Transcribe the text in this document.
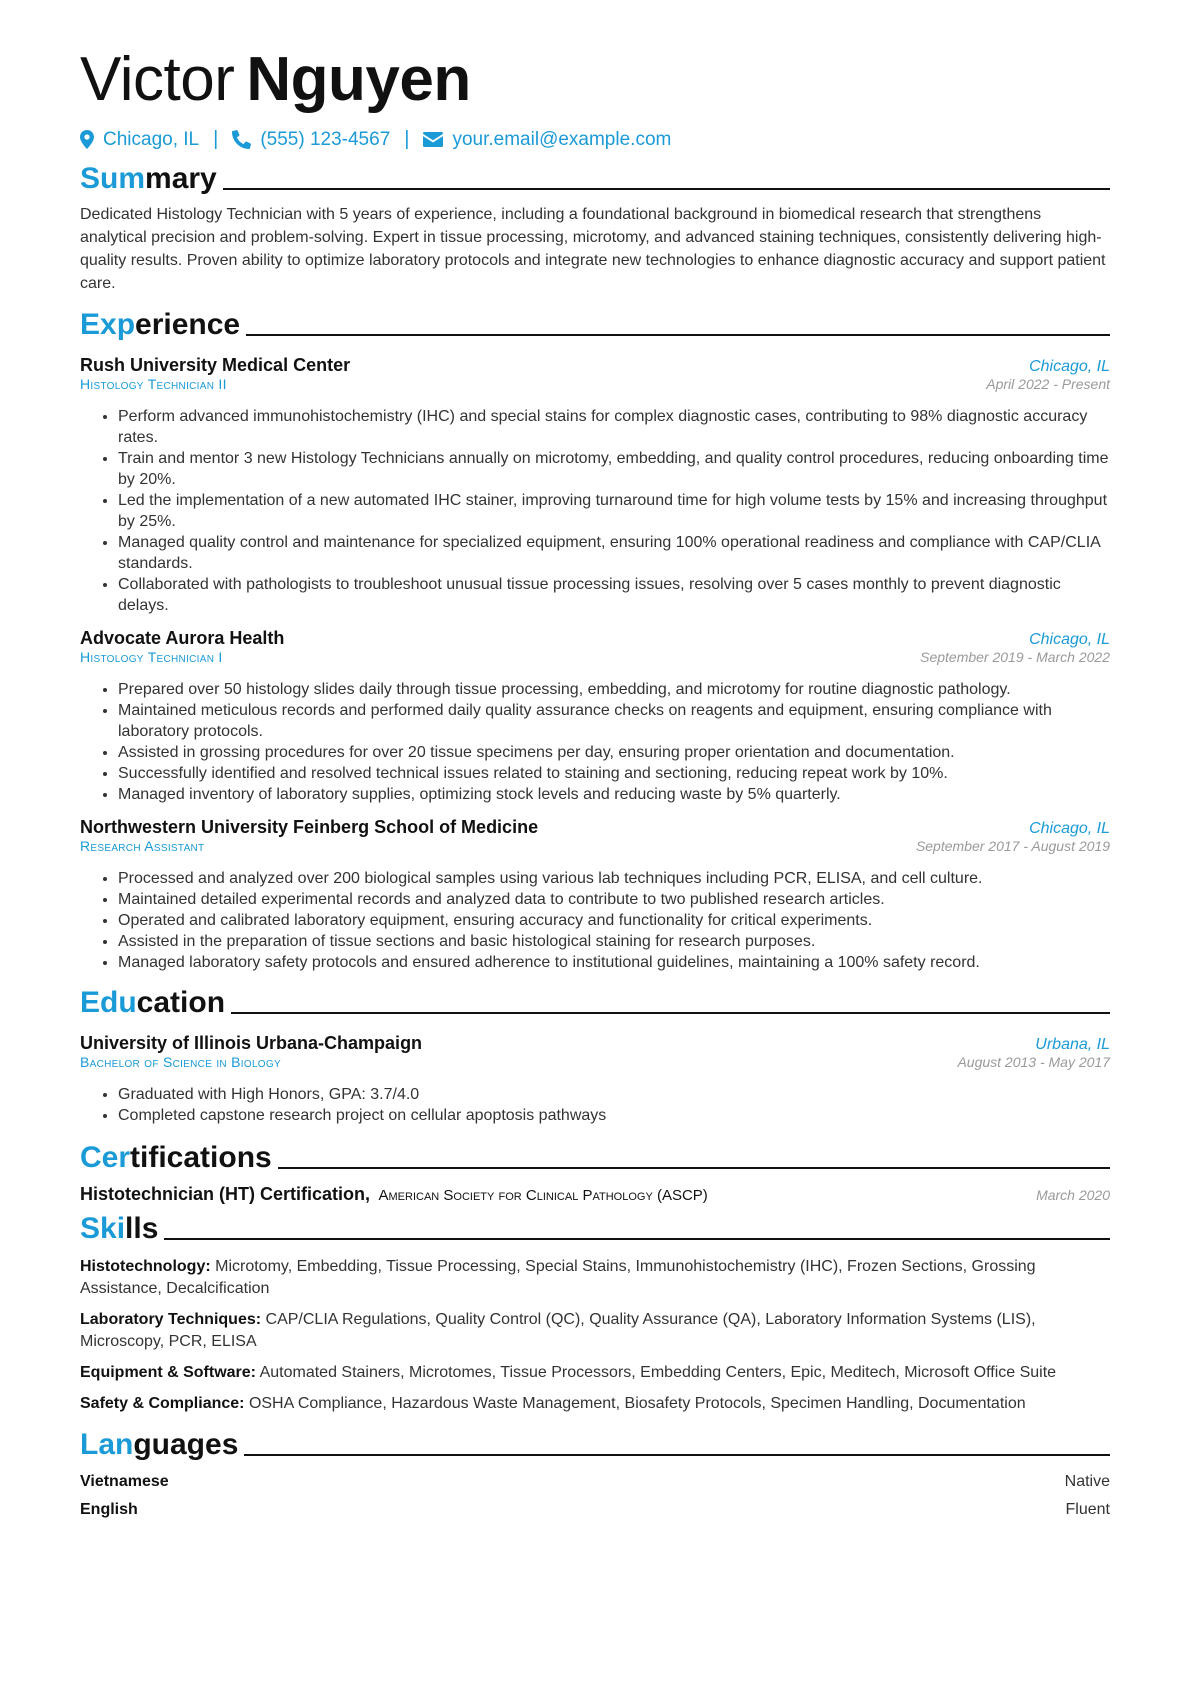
Victor Nguyen
Chicago, IL | (555) 123-4567 | your.email@example.com
Summary

Dedicated Histology Technician with 5 years of experience, including a foundational background in biomedical research that strengthens analytical precision and problem-solving. Expert in tissue processing, microtomy, and advanced staining techniques, consistently delivering high-quality results. Proven ability to optimize laboratory protocols and integrate new technologies to enhance diagnostic accuracy and support patient care.

Experience
Rush University Medical Center	Chicago, IL
Histology Technician II	April 2022 - Present
• Perform advanced immunohistochemistry (IHC) and special stains for complex diagnostic cases, contributing to 98% diagnostic accuracy rates.
• Train and mentor 3 new Histology Technicians annually on microtomy, embedding, and quality control procedures, reducing onboarding time by 20%.
• Led the implementation of a new automated IHC stainer, improving turnaround time for high volume tests by 15% and increasing throughput by 25%.
• Managed quality control and maintenance for specialized equipment, ensuring 100% operational readiness and compliance with CAP/CLIA standards.
• Collaborated with pathologists to troubleshoot unusual tissue processing issues, resolving over 5 cases monthly to prevent diagnostic delays.
Advocate Aurora Health	Chicago, IL
Histology Technician I	September 2019 - March 2022
• Prepared over 50 histology slides daily through tissue processing, embedding, and microtomy for routine diagnostic pathology.
• Maintained meticulous records and performed daily quality assurance checks on reagents and equipment, ensuring compliance with laboratory protocols.
• Assisted in grossing procedures for over 20 tissue specimens per day, ensuring proper orientation and documentation.
• Successfully identified and resolved technical issues related to staining and sectioning, reducing repeat work by 10%.
• Managed inventory of laboratory supplies, optimizing stock levels and reducing waste by 5% quarterly.
Northwestern University Feinberg School of Medicine	Chicago, IL
Research Assistant	September 2017 - August 2019
• Processed and analyzed over 200 biological samples using various lab techniques including PCR, ELISA, and cell culture.
• Maintained detailed experimental records and analyzed data to contribute to two published research articles.
• Operated and calibrated laboratory equipment, ensuring accuracy and functionality for critical experiments.
• Assisted in the preparation of tissue sections and basic histological staining for research purposes.
• Managed laboratory safety protocols and ensured adherence to institutional guidelines, maintaining a 100% safety record.
Education
University of Illinois Urbana-Champaign	Urbana, IL
Bachelor of Science in Biology	August 2013 - May 2017
• Graduated with High Honors, GPA: 3.7/4.0
• Completed capstone research project on cellular apoptosis pathways
Certifications
Histotechnician (HT) Certification, American Society for Clinical Pathology (ASCP)	March 2020
Skills
Histotechnology: Microtomy, Embedding, Tissue Processing, Special Stains, Immunohistochemistry (IHC), Frozen Sections, Grossing Assistance, Decalcification
Laboratory Techniques: CAP/CLIA Regulations, Quality Control (QC), Quality Assurance (QA), Laboratory Information Systems (LIS), Microscopy, PCR, ELISA
Equipment & Software: Automated Stainers, Microtomes, Tissue Processors, Embedding Centers, Epic, Meditech, Microsoft Office Suite
Safety & Compliance: OSHA Compliance, Hazardous Waste Management, Biosafety Protocols, Specimen Handling, Documentation
Languages
Vietnamese	Native
English	Fluent
